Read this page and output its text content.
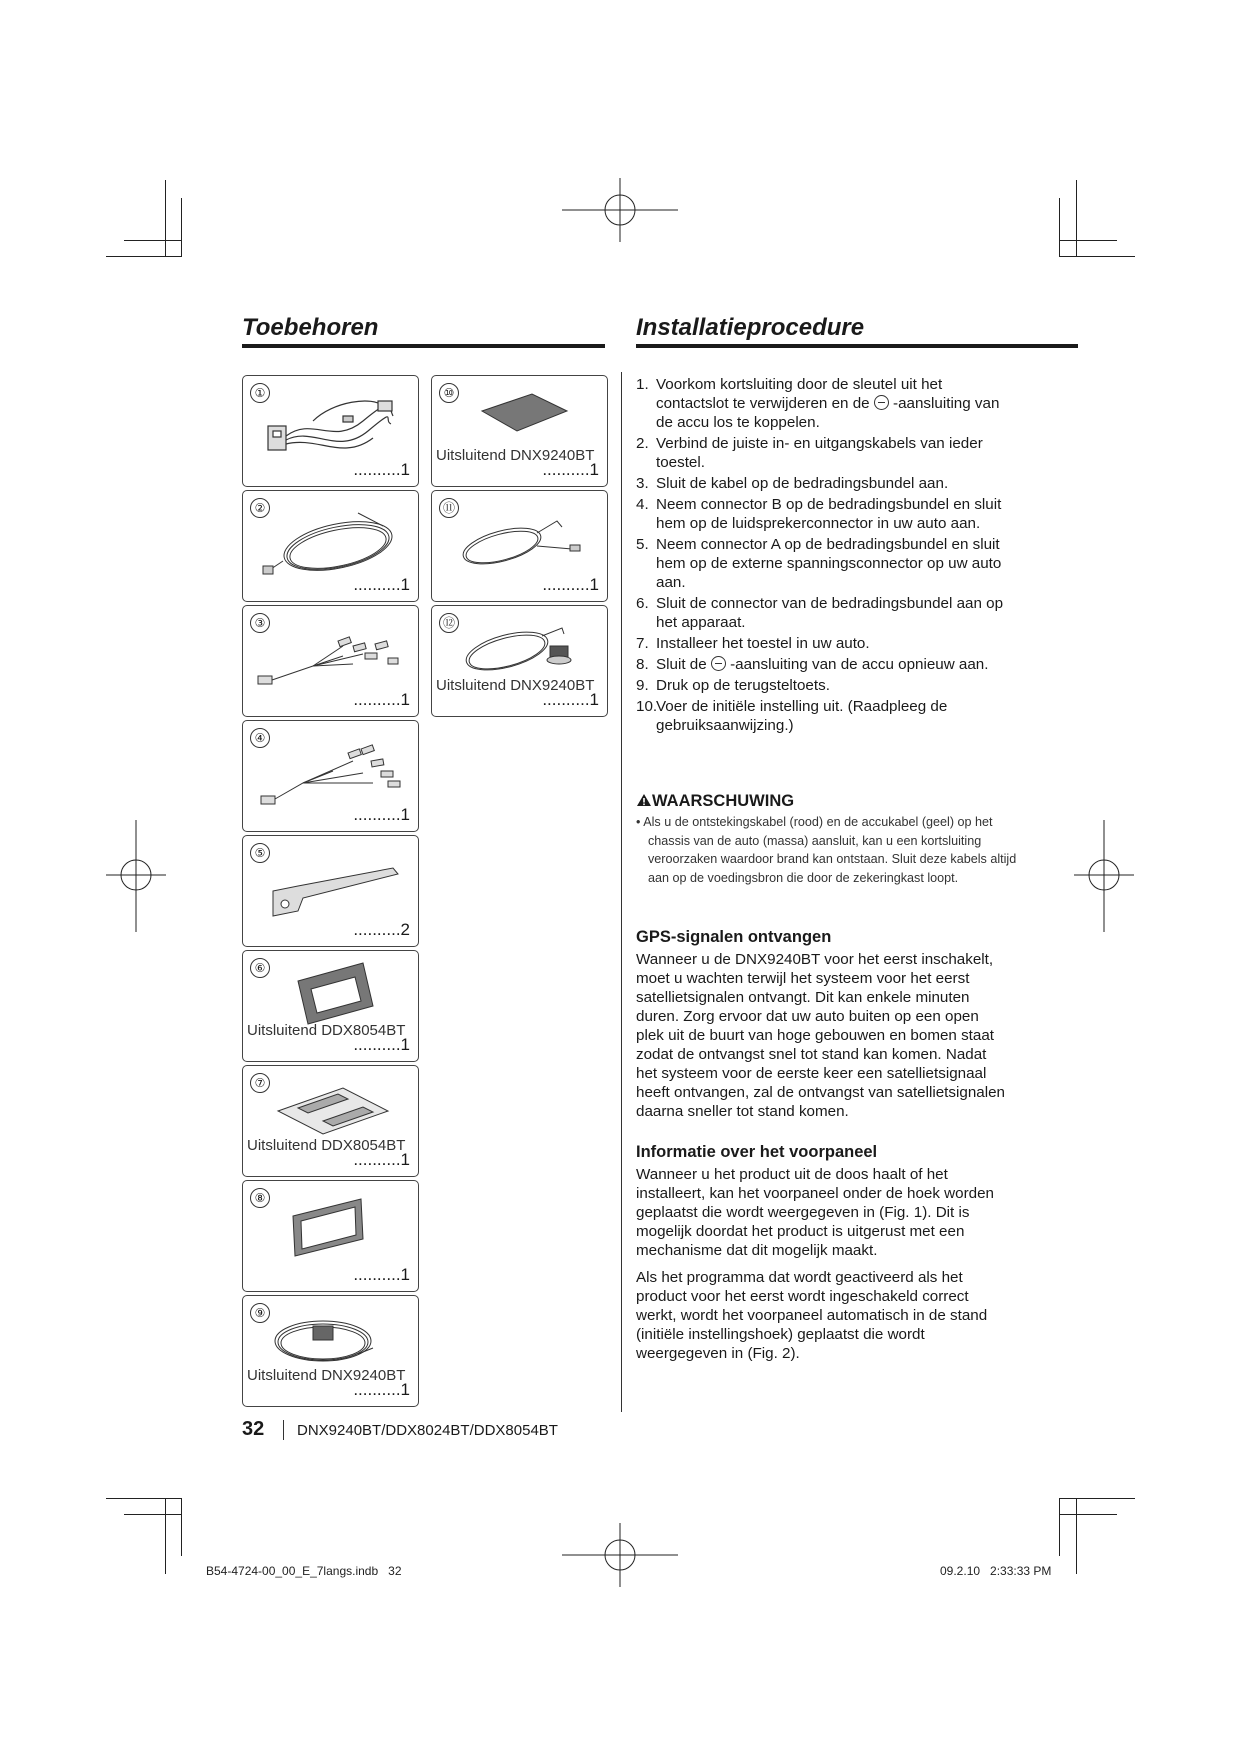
Toebehoren	Installatieprocedure
①
..........1
②
..........1
③
..........1
④
..........1
⑤
..........2
⑥
Uitsluitend DDX8054BT
..........1
⑦
Uitsluitend DDX8054BT
..........1
⑧
..........1
⑨
Uitsluitend DNX9240BT
..........1
⑩
Uitsluitend DNX9240BT
..........1
⑪
..........1
⑫
Uitsluitend DNX9240BT
..........1
1. Voorkom kortsluiting door de sleutel uit het contactslot te verwijderen en de  -aansluiting van de accu los te koppelen.
2. Verbind de juiste in- en uitgangskabels van ieder toestel.
3. Sluit de kabel op de bedradingsbundel aan.
4. Neem connector B op de bedradingsbundel en sluit hem op de luidsprekerconnector in uw auto aan.
5. Neem connector A op de bedradingsbundel en sluit hem op de externe spanningsconnector op uw auto aan.
6. Sluit de connector van de bedradingsbundel aan op het apparaat.
7. Installeer het toestel in uw auto.
8. Sluit de  -aansluiting van de accu opnieuw aan.
9. Druk op de terugsteltoets.
10.
Voer de initiële instelling uit. (Raadpleeg de gebruiksaanwijzing.)
WAARSCHUWING
• Als u de ontstekingskabel (rood) en de accukabel (geel) op het chassis van de auto (massa) aansluit, kan u een kortsluiting veroorzaken waardoor brand kan ontstaan. Sluit deze kabels altijd aan op de voedingsbron die door de zekeringkast loopt.
GPS-signalen ontvangen
Wanneer u de DNX9240BT voor het eerst inschakelt, moet u wachten terwijl het systeem voor het eerst satellietsignalen ontvangt. Dit kan enkele minuten duren. Zorg ervoor dat uw auto buiten op een open plek uit de buurt van hoge gebouwen en bomen staat zodat de ontvangst snel tot stand kan komen. Nadat het systeem voor de eerste keer een satellietsignaal heeft ontvangen, zal de ontvangst van satellietsignalen daarna sneller tot stand komen.
Informatie over het voorpaneel
Wanneer u het product uit de doos haalt of het installeert, kan het voorpaneel onder de hoek worden geplaatst die wordt weergegeven in (Fig. 1). Dit is mogelijk doordat het product is uitgerust met een mechanisme dat dit mogelijk maakt.
Als het programma dat wordt geactiveerd als het product voor het eerst wordt ingeschakeld correct werkt, wordt het voorpaneel automatisch in de stand (initiële instellingshoek) geplaatst die wordt weergegeven in (Fig. 2).
32 DNX9240BT/DDX8024BT/DDX8054BT
B54-4724-00_00_E_7langs.indb   32	09.2.10   2:33:33 PM
